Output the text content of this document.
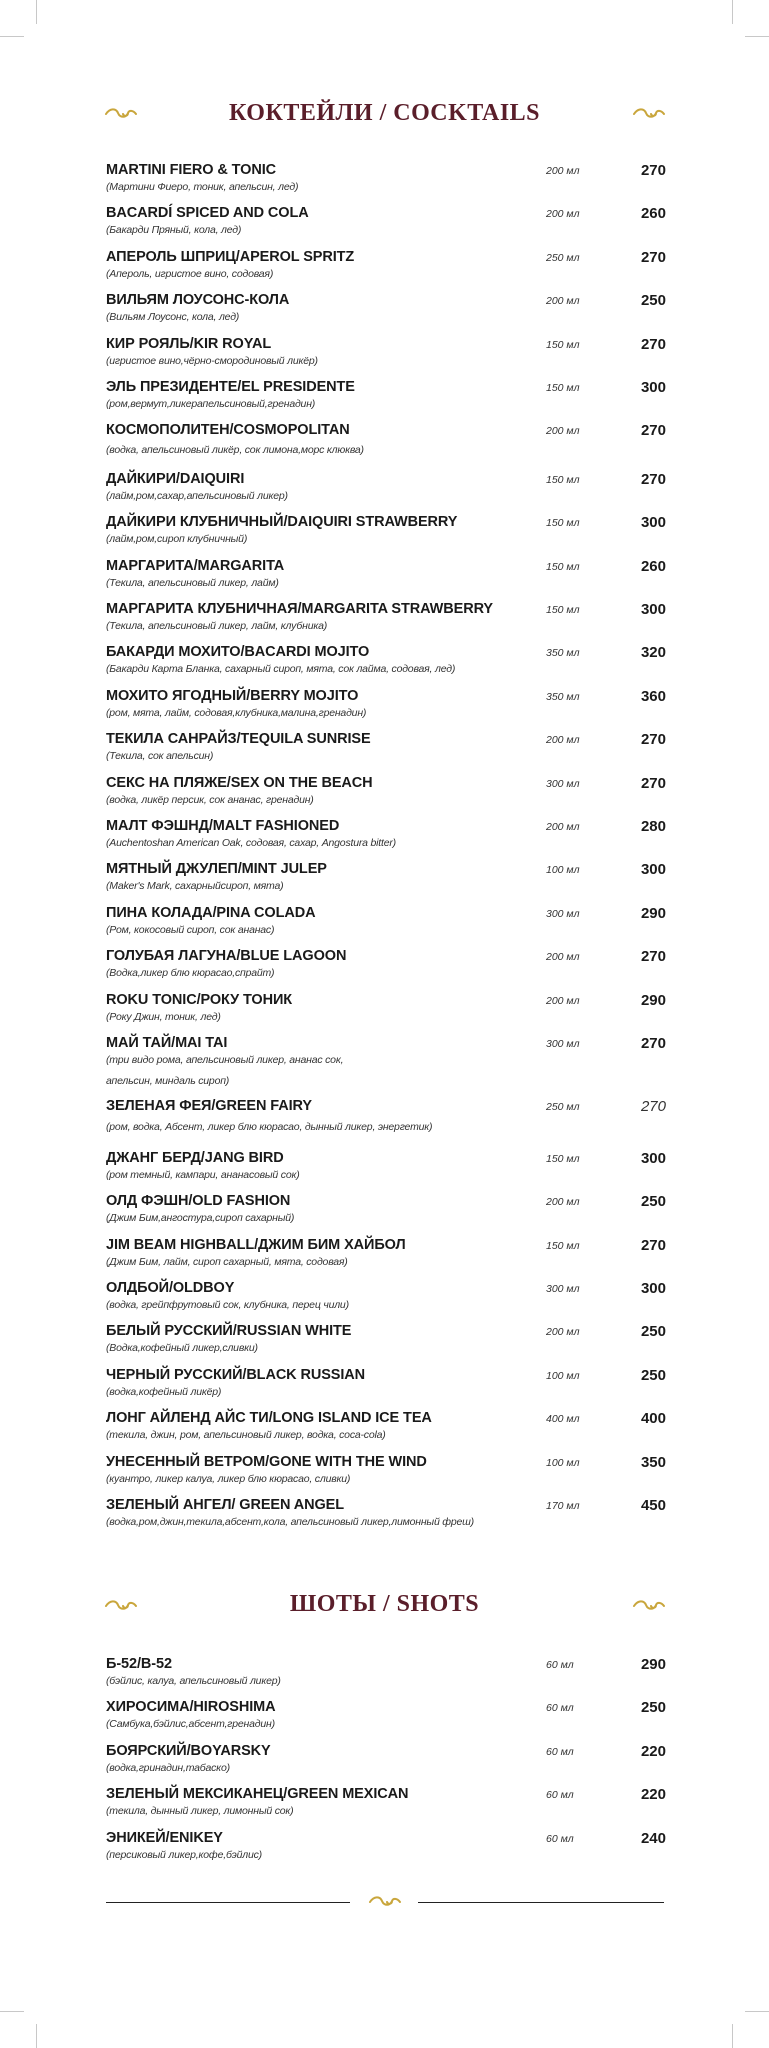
КОКТЕЙЛИ / COCKTAILS
MARTINI FIERO & TONIC
(Мартини Фиеро, тоник, апельсин, лед)
200 мл	270
BACARDÍ SPICED AND COLA
(Бакарди Пряный, кола, лед)
200 мл	260
АПЕРОЛЬ ШПРИЦ/APEROL SPRITZ
(Апероль, игристое вино, содовая)
250 мл	270
ВИЛЬЯМ ЛОУСОНС-КОЛА
(Вильям Лоусонс, кола, лед)
200 мл	250
КИР РОЯЛЬ/KIR ROYAL
(игристое вино,чёрно-смородиновый ликёр)
150 мл	270
ЭЛЬ ПРЕЗИДЕНТЕ/EL PRESIDENTE
(ром,вермут,ликерапельсиновый,гренадин)
150 мл	300
КОСМОПОЛИТЕН/COSMOPOLITAN
(водка, апельсиновый ликёр, сок лимона,морс клюква)
200 мл	270
ДАЙКИРИ/DAIQUIRI
(лайм,ром,сахар,апельсиновый ликер)
150 мл	270
ДАЙКИРИ КЛУБНИЧНЫЙ/DAIQUIRI STRAWBERRY
(лайм,ром,сироп клубничный)
150 мл	300
МАРГАРИТА/MARGARITA
(Текила, апельсиновый ликер, лайм)
150 мл	260
МАРГАРИТА КЛУБНИЧНАЯ/MARGARITA STRAWBERRY
(Текила, апельсиновый ликер, лайм, клубника)
150 мл	300
БАКАРДИ МОХИТО/BACARDI MOJITO
(Бакарди Карта Бланка, сахарный сироп, мята, сок лайма, содовая, лед)
350 мл	320
МОХИТО ЯГОДНЫЙ/BERRY MOJITO
(ром, мята, лайм, содовая,клубника,малина,гренадин)
350 мл	360
ТЕКИЛА САНРАЙЗ/TEQUILA SUNRISE
(Текила, сок апельсин)
200 мл	270
СЕКС НА ПЛЯЖЕ/SEX ON THE BEACH
(водка, ликёр персик, сок ананас, гренадин)
300 мл	270
МАЛТ ФЭШНД/MALT FASHIONED
(Auchentoshan American Oak, содовая, сахар, Angostura bitter)
200 мл	280
МЯТНЫЙ ДЖУЛЕП/MINT JULEP
(Maker's Mark, сахарныйсироп, мята)
100 мл	300
ПИНА КОЛАДА/PINA COLADA
(Ром, кокосовый сироп, сок ананас)
300 мл	290
ГОЛУБАЯ ЛАГУНА/BLUE LAGOON
(Водка,ликер блю кюрасао,спрайт)
200 мл	270
ROKU TONIC/РОКУ ТОНИК
(Року Джин, тоник, лед)
200 мл	290
МАЙ ТАЙ/MAI TAI
(три видо рома, апельсиновый ликер, ананас сок,
апельсин, миндаль сироп)
300 мл	270
ЗЕЛЕНАЯ ФЕЯ/GREEN FAIRY
(ром, водка, Абсент, ликер блю кюрасао, дынный ликер, энергетик)
250 мл	270
ДЖАНГ БЕРД/JANG BIRD
(ром темный, кампари, ананасовый сок)
150 мл	300
ОЛД ФЭШН/OLD FASHION
(Джим Бим,ангостура,сироп сахарный)
200 мл	250
JIM BEAM HIGHBALL/ДЖИМ БИМ ХАЙБОЛ
(Джим Бим, лайм, сироп сахарный, мята, содовая)
150 мл	270
ОЛДБОЙ/OLDBOY
(водка, грейпфрутовый сок, клубника, перец чили)
300 мл	300
БЕЛЫЙ РУССКИЙ/RUSSIAN WHITE
(Водка,кофейный ликер,сливки)
200 мл	250
ЧЕРНЫЙ РУССКИЙ/BLACK RUSSIAN
(водка,кофейный ликёр)
100 мл	250
ЛОНГ АЙЛЕНД АЙС ТИ/LONG ISLAND ICE TEA
(текила, джин, ром, апельсиновый ликер, водка, coca-cola)
400 мл	400
УНЕСЕННЫЙ ВЕТРОМ/GONE WITH THE WIND
(куантро, ликер калуа, ликер блю кюрасао, сливки)
100 мл	350
ЗЕЛЕНЫЙ АНГЕЛ/ GREEN ANGEL
(водка,ром,джин,текила,абсент,кола, апельсиновый ликер,лимонный фреш)
170 мл	450
ШОТЫ / SHOTS
Б-52/B-52
(бэйлис, калуа, апельсиновый ликер)
60 мл	290
ХИРОСИМА/HIROSHIMA
(Самбука,бэйлис,абсент,гренадин)
60 мл	250
БОЯРСКИЙ/BOYARSKY
(водка,гринадин,табаско)
60 мл	220
ЗЕЛЕНЫЙ МЕКСИКАНЕЦ/GREEN MEXICAN
(текила, дынный ликер, лимонный сок)
60 мл	220
ЭНИКЕЙ/ENIKEY
(персиковый ликер,кофе,бэйлис)
60 мл	240
